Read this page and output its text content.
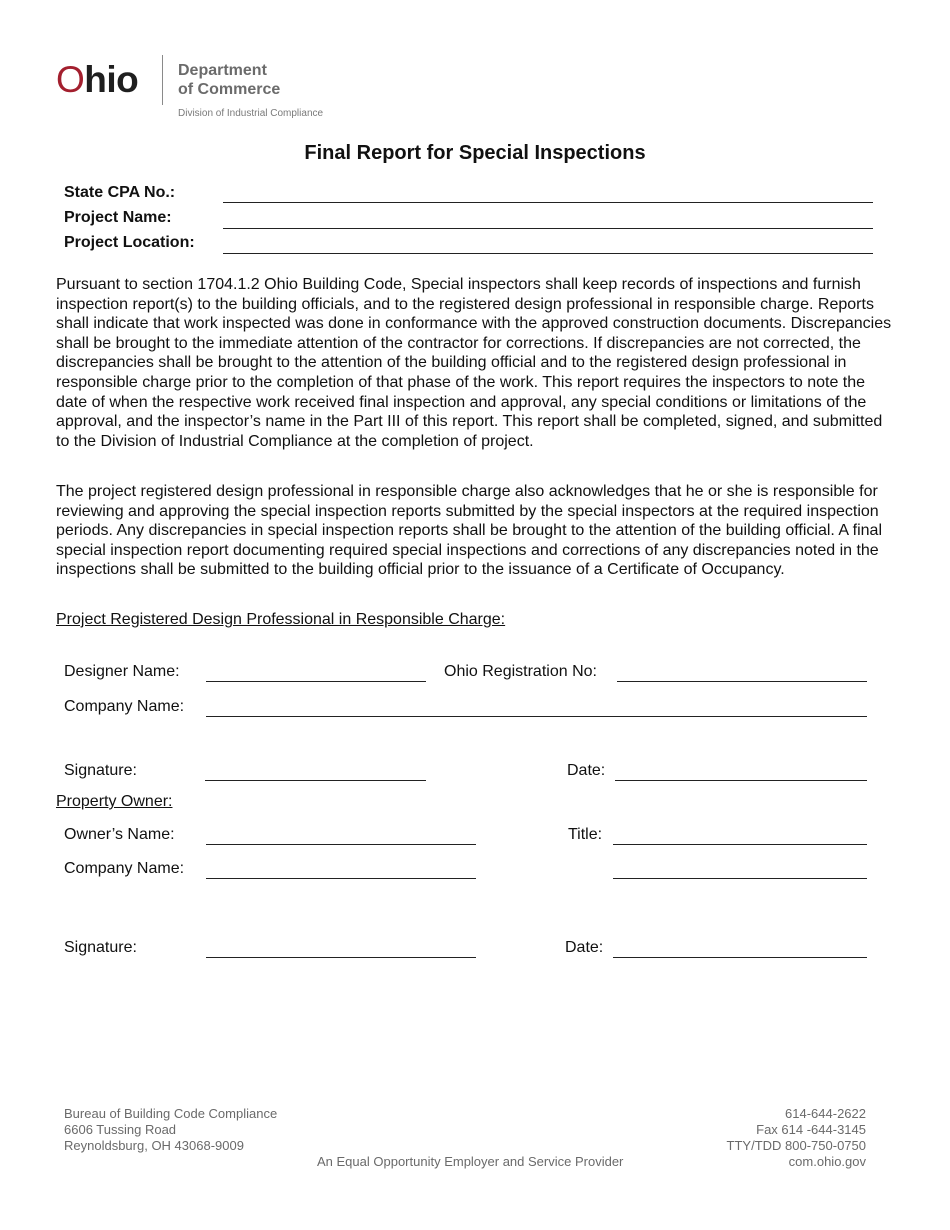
Ohio Department
of Commerce
Division of Industrial Compliance
Final Report for Special Inspections
State CPA No.:
Project Name:
Project Location:
Pursuant to section 1704.1.2 Ohio Building Code, Special inspectors shall keep records of inspections and furnish inspection report(s) to the building officials, and to the registered design professional in responsible charge. Reports shall indicate that work inspected was done in conformance with the approved construction documents. Discrepancies shall be brought to the immediate attention of the contractor for corrections. If discrepancies are not corrected, the discrepancies shall be brought to the attention of the building official and to the registered design professional in responsible charge prior to the completion of that phase of the work. This report requires the inspectors to note the date of when the respective work received final inspection and approval, any special conditions or limitations of the approval, and the inspector’s name in the Part III of this report. This report shall be completed, signed, and submitted to the Division of Industrial Compliance at the completion of project.
The project registered design professional in responsible charge also acknowledges that he or she is responsible for reviewing and approving the special inspection reports submitted by the special inspectors at the required inspection periods. Any discrepancies in special inspection reports shall be brought to the attention of the building official. A final special inspection report documenting required special inspections and corrections of any discrepancies noted in the inspections shall be submitted to the building official prior to the issuance of a Certificate of Occupancy.
Project Registered Design Professional in Responsible Charge:
Designer Name:	Ohio Registration No:
Company Name:
Signature:	Date:
Property Owner:
Owner’s Name:	Title:
Company Name:
Signature:	Date:
Bureau of Building Code Compliance
6606 Tussing Road
Reynoldsburg, OH 43068-9009
An Equal Opportunity Employer and Service Provider
614-644-2622
Fax 614 -644-3145
TTY/TDD 800-750-0750
com.ohio.gov
